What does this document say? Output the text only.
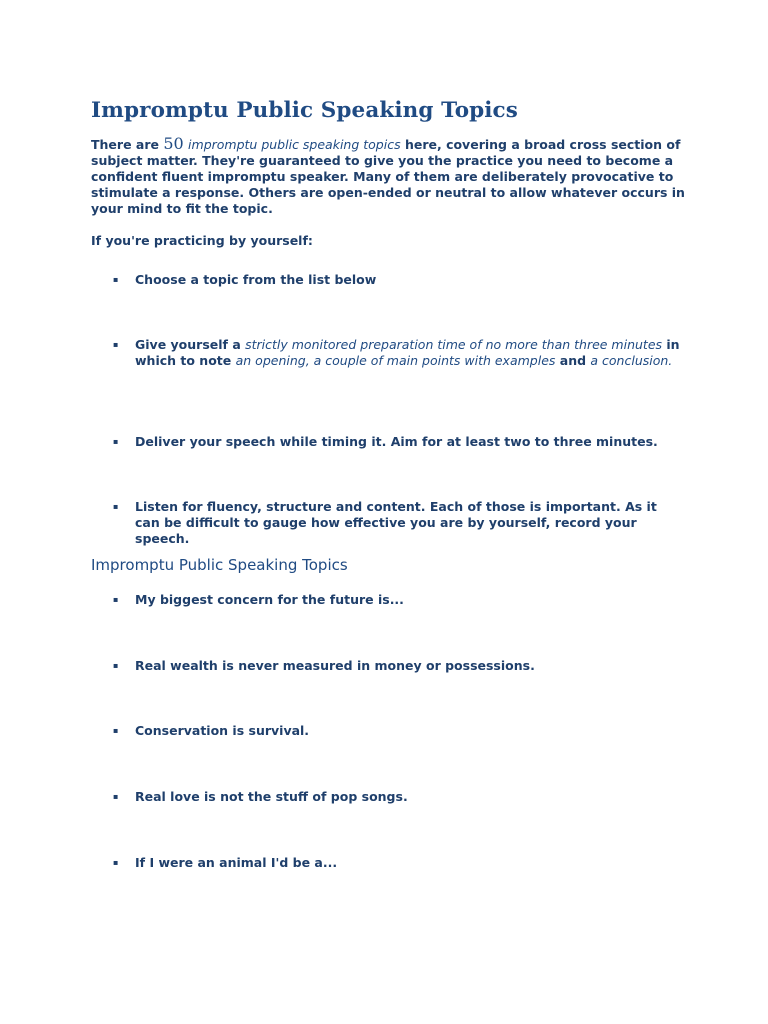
Impromptu Public Speaking Topics

There are 50 impromptu public speaking topics here, covering a broad cross section of subject matter. They're guaranteed to give you the practice you need to become a confident fluent impromptu speaker. Many of them are deliberately provocative to stimulate a response. Others are open-ended or neutral to allow whatever occurs in your mind to fit the topic.

If you're practicing by yourself:

▪ Choose a topic from the list below
▪ Give yourself a strictly monitored preparation time of no more than three minutes in which to note an opening, a couple of main points with examples and a conclusion.
▪ Deliver your speech while timing it. Aim for at least two to three minutes.
▪ Listen for fluency, structure and content. Each of those is important. As it can be difficult to gauge how effective you are by yourself, record your speech.
Impromptu Public Speaking Topics
▪ My biggest concern for the future is...
▪ Real wealth is never measured in money or possessions.
▪ Conservation is survival.
▪ Real love is not the stuff of pop songs.
▪ If I were an animal I'd be a...
